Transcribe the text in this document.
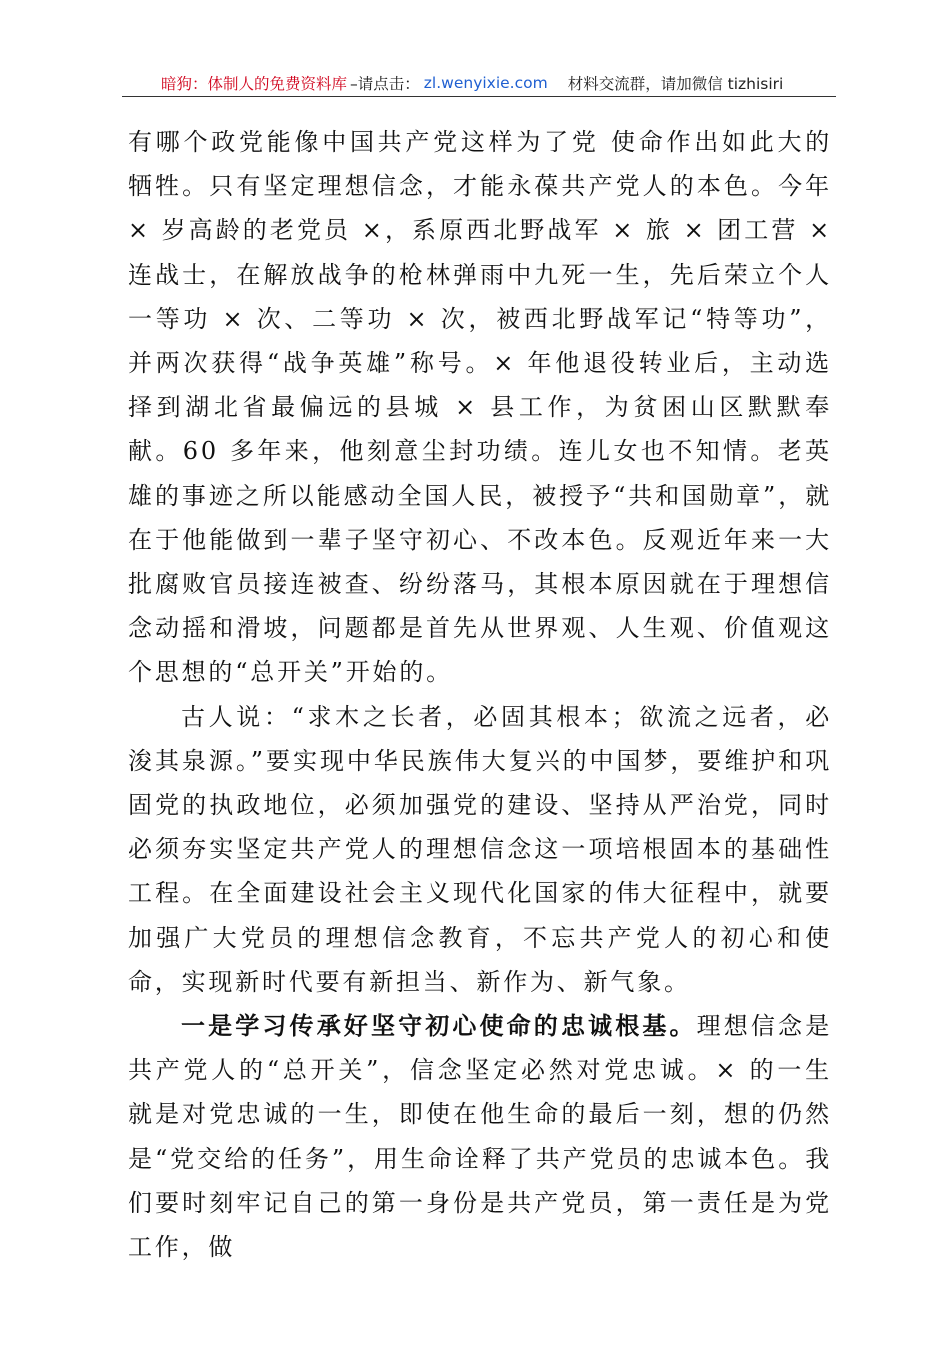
暗狗：体制人的免费资料库 –请点击： zl.wenyixie.com 材料交流群，请加微信 tizhisiri

有哪个政党能像中国共产党这样为了党 使命作出如此大的牺牲。只有坚定理想信念，才能永葆共产党人的本色。今年 × 岁高龄的老党员 ×，系原西北野战军 × 旅 × 团工营 × 连战士，在解放战争的枪林弹雨中九死一生，先后荣立个人一等功 × 次、二等功 × 次，被西北野战军记“特等功”，并两次获得“战争英雄”称号。× 年他退役转业后，主动选择到湖北省最偏远的县城 × 县工作，为贫困山区默默奉献。60 多年来，他刻意尘封功绩。连儿女也不知情。老英雄的事迹之所以能感动全国人民，被授予“共和国勋章”，就在于他能做到一辈子坚守初心、不改本色。反观近年来一大批腐败官员接连被查、纷纷落马，其根本原因就在于理想信念动摇和滑坡，问题都是首先从世界观、人生观、价值观这个思想的“总开关”开始的。

古人说：“求木之长者，必固其根本；欲流之远者，必浚其泉源。”要实现中华民族伟大复兴的中国梦，要维护和巩固党的执政地位，必须加强党的建设、坚持从严治党，同时必须夯实坚定共产党人的理想信念这一项培根固本的基础性工程。在全面建设社会主义现代化国家的伟大征程中，就要加强广大党员的理想信念教育，不忘共产党人的初心和使命，实现新时代要有新担当、新作为、新气象。

一是学习传承好坚守初心使命的忠诚根基。理想信念是共产党人的“总开关”，信念坚定必然对党忠诚。× 的一生就是对党忠诚的一生，即使在他生命的最后一刻，想的仍然是“党交给的任务”，用生命诠释了共产党员的忠诚本色。我们要时刻牢记自己的第一身份是共产党员，第一责任是为党工作，做
